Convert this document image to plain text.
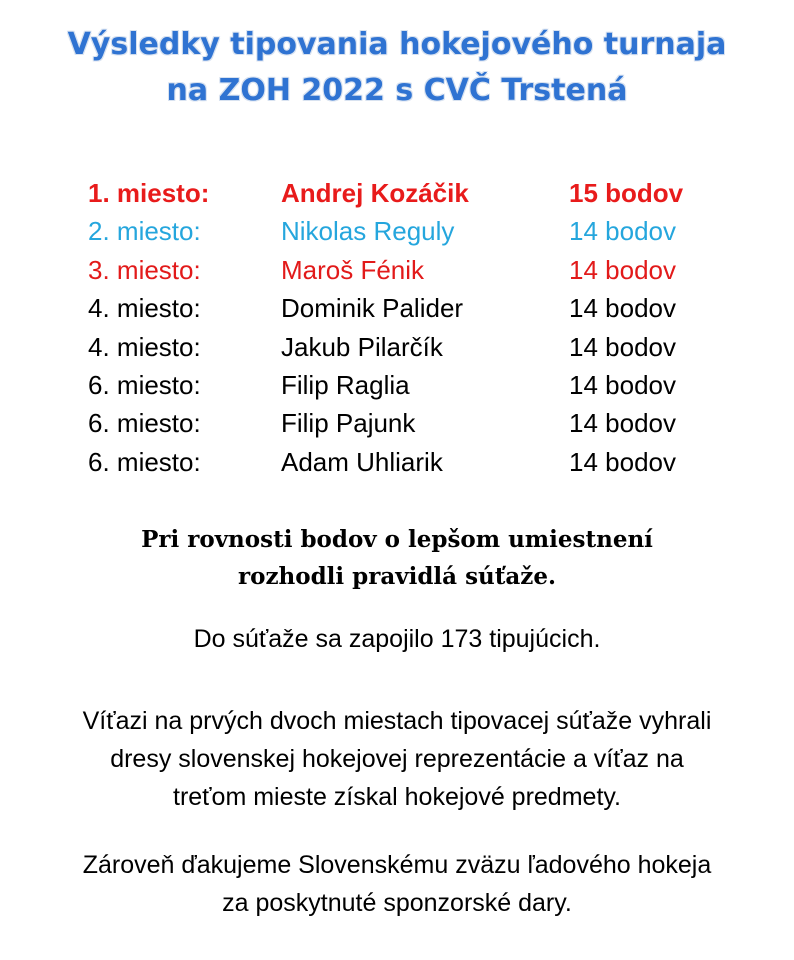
Výsledky tipovania hokejového turnaja
na ZOH 2022 s CVČ Trstená
1. miesto:	Andrej Kozáčik	15 bodov
2. miesto:	Nikolas Reguly	14 bodov
3. miesto:	Maroš Fénik	14 bodov
4. miesto:	Dominik Palider	14 bodov
4. miesto:	Jakub Pilarčík	14 bodov
6. miesto:	Filip Raglia	14 bodov
6. miesto:	Filip Pajunk	14 bodov
6. miesto:	Adam Uhliarik	14 bodov
Pri rovnosti bodov o lepšom umiestnení
rozhodli pravidlá súťaže.
Do súťaže sa zapojilo 173 tipujúcich.
Víťazi na prvých dvoch miestach tipovacej súťaže vyhrali
dresy slovenskej hokejovej reprezentácie a víťaz na
treťom mieste získal hokejové predmety.
Zároveň ďakujeme Slovenskému zväzu ľadového hokeja
za poskytnuté sponzorské dary.
